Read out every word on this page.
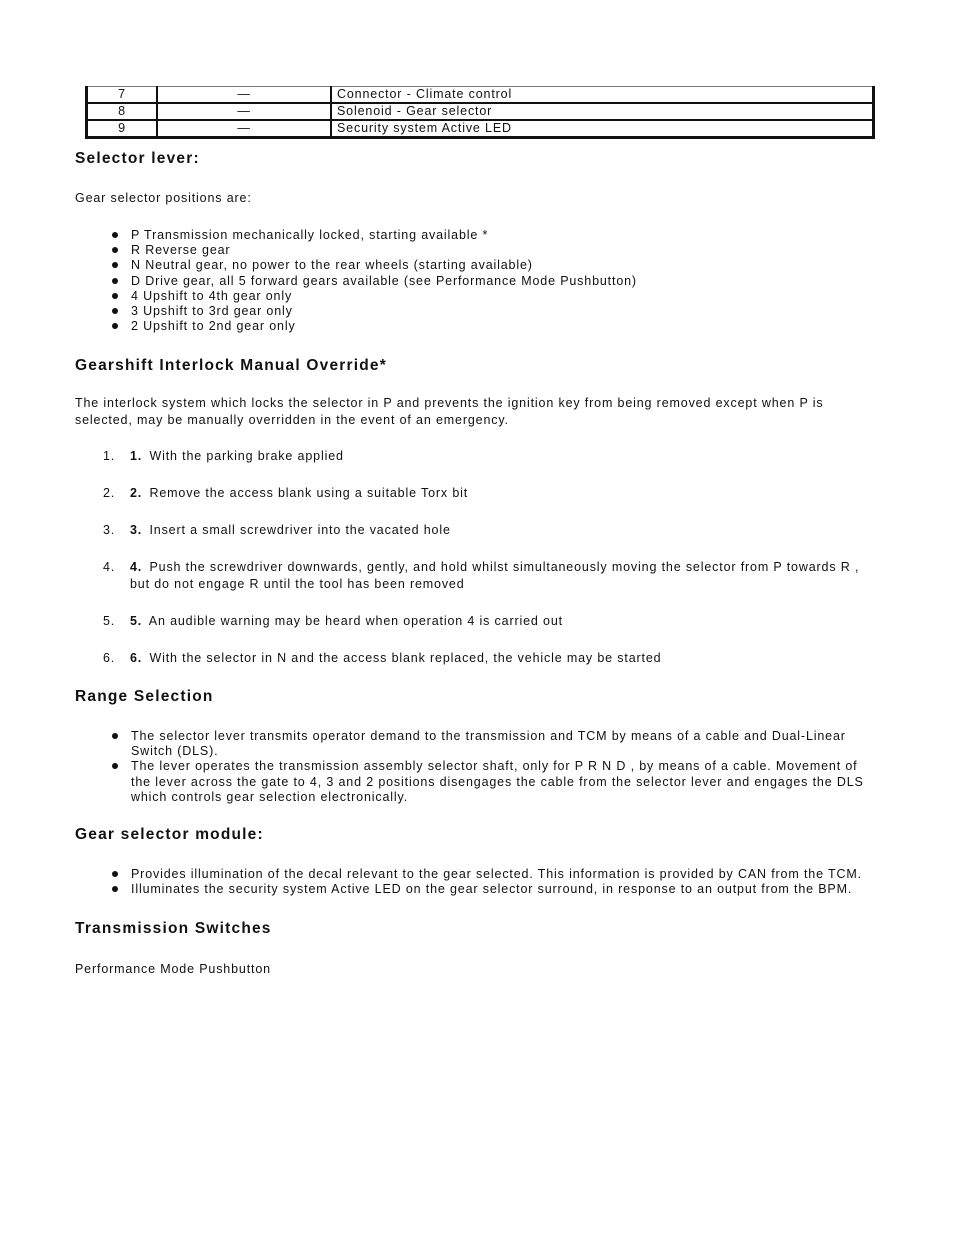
7	—	Connector - Climate control
8	—	Solenoid - Gear selector
9	—	Security system Active LED
Selector lever:

Gear selector positions are:

P Transmission mechanically locked, starting available *
R Reverse gear
N Neutral gear, no power to the rear wheels (starting available)
D Drive gear, all 5 forward gears available (see Performance Mode Pushbutton)
4 Upshift to 4th gear only
3 Upshift to 3rd gear only
2 Upshift to 2nd gear only
Gearshift Interlock Manual Override*

The interlock system which locks the selector in P and prevents the ignition key from being removed except when P is selected, may be manually overridden in the event of an emergency.

1. 1. With the parking brake applied
2. 2. Remove the access blank using a suitable Torx bit
3. 3. Insert a small screwdriver into the vacated hole
4. 4. Push the screwdriver downwards, gently, and hold whilst simultaneously moving the selector from P towards R , but do not engage R until the tool has been removed
5. 5. An audible warning may be heard when operation 4 is carried out
6. 6. With the selector in N and the access blank replaced, the vehicle may be started
Range Selection
The selector lever transmits operator demand to the transmission and TCM by means of a cable and Dual-Linear Switch (DLS).
The lever operates the transmission assembly selector shaft, only for P R N D , by means of a cable. Movement of the lever across the gate to 4, 3 and 2 positions disengages the cable from the selector lever and engages the DLS which controls gear selection electronically.
Gear selector module:
Provides illumination of the decal relevant to the gear selected. This information is provided by CAN from the TCM.
Illuminates the security system Active LED on the gear selector surround, in response to an output from the BPM.
Transmission Switches

Performance Mode Pushbutton
